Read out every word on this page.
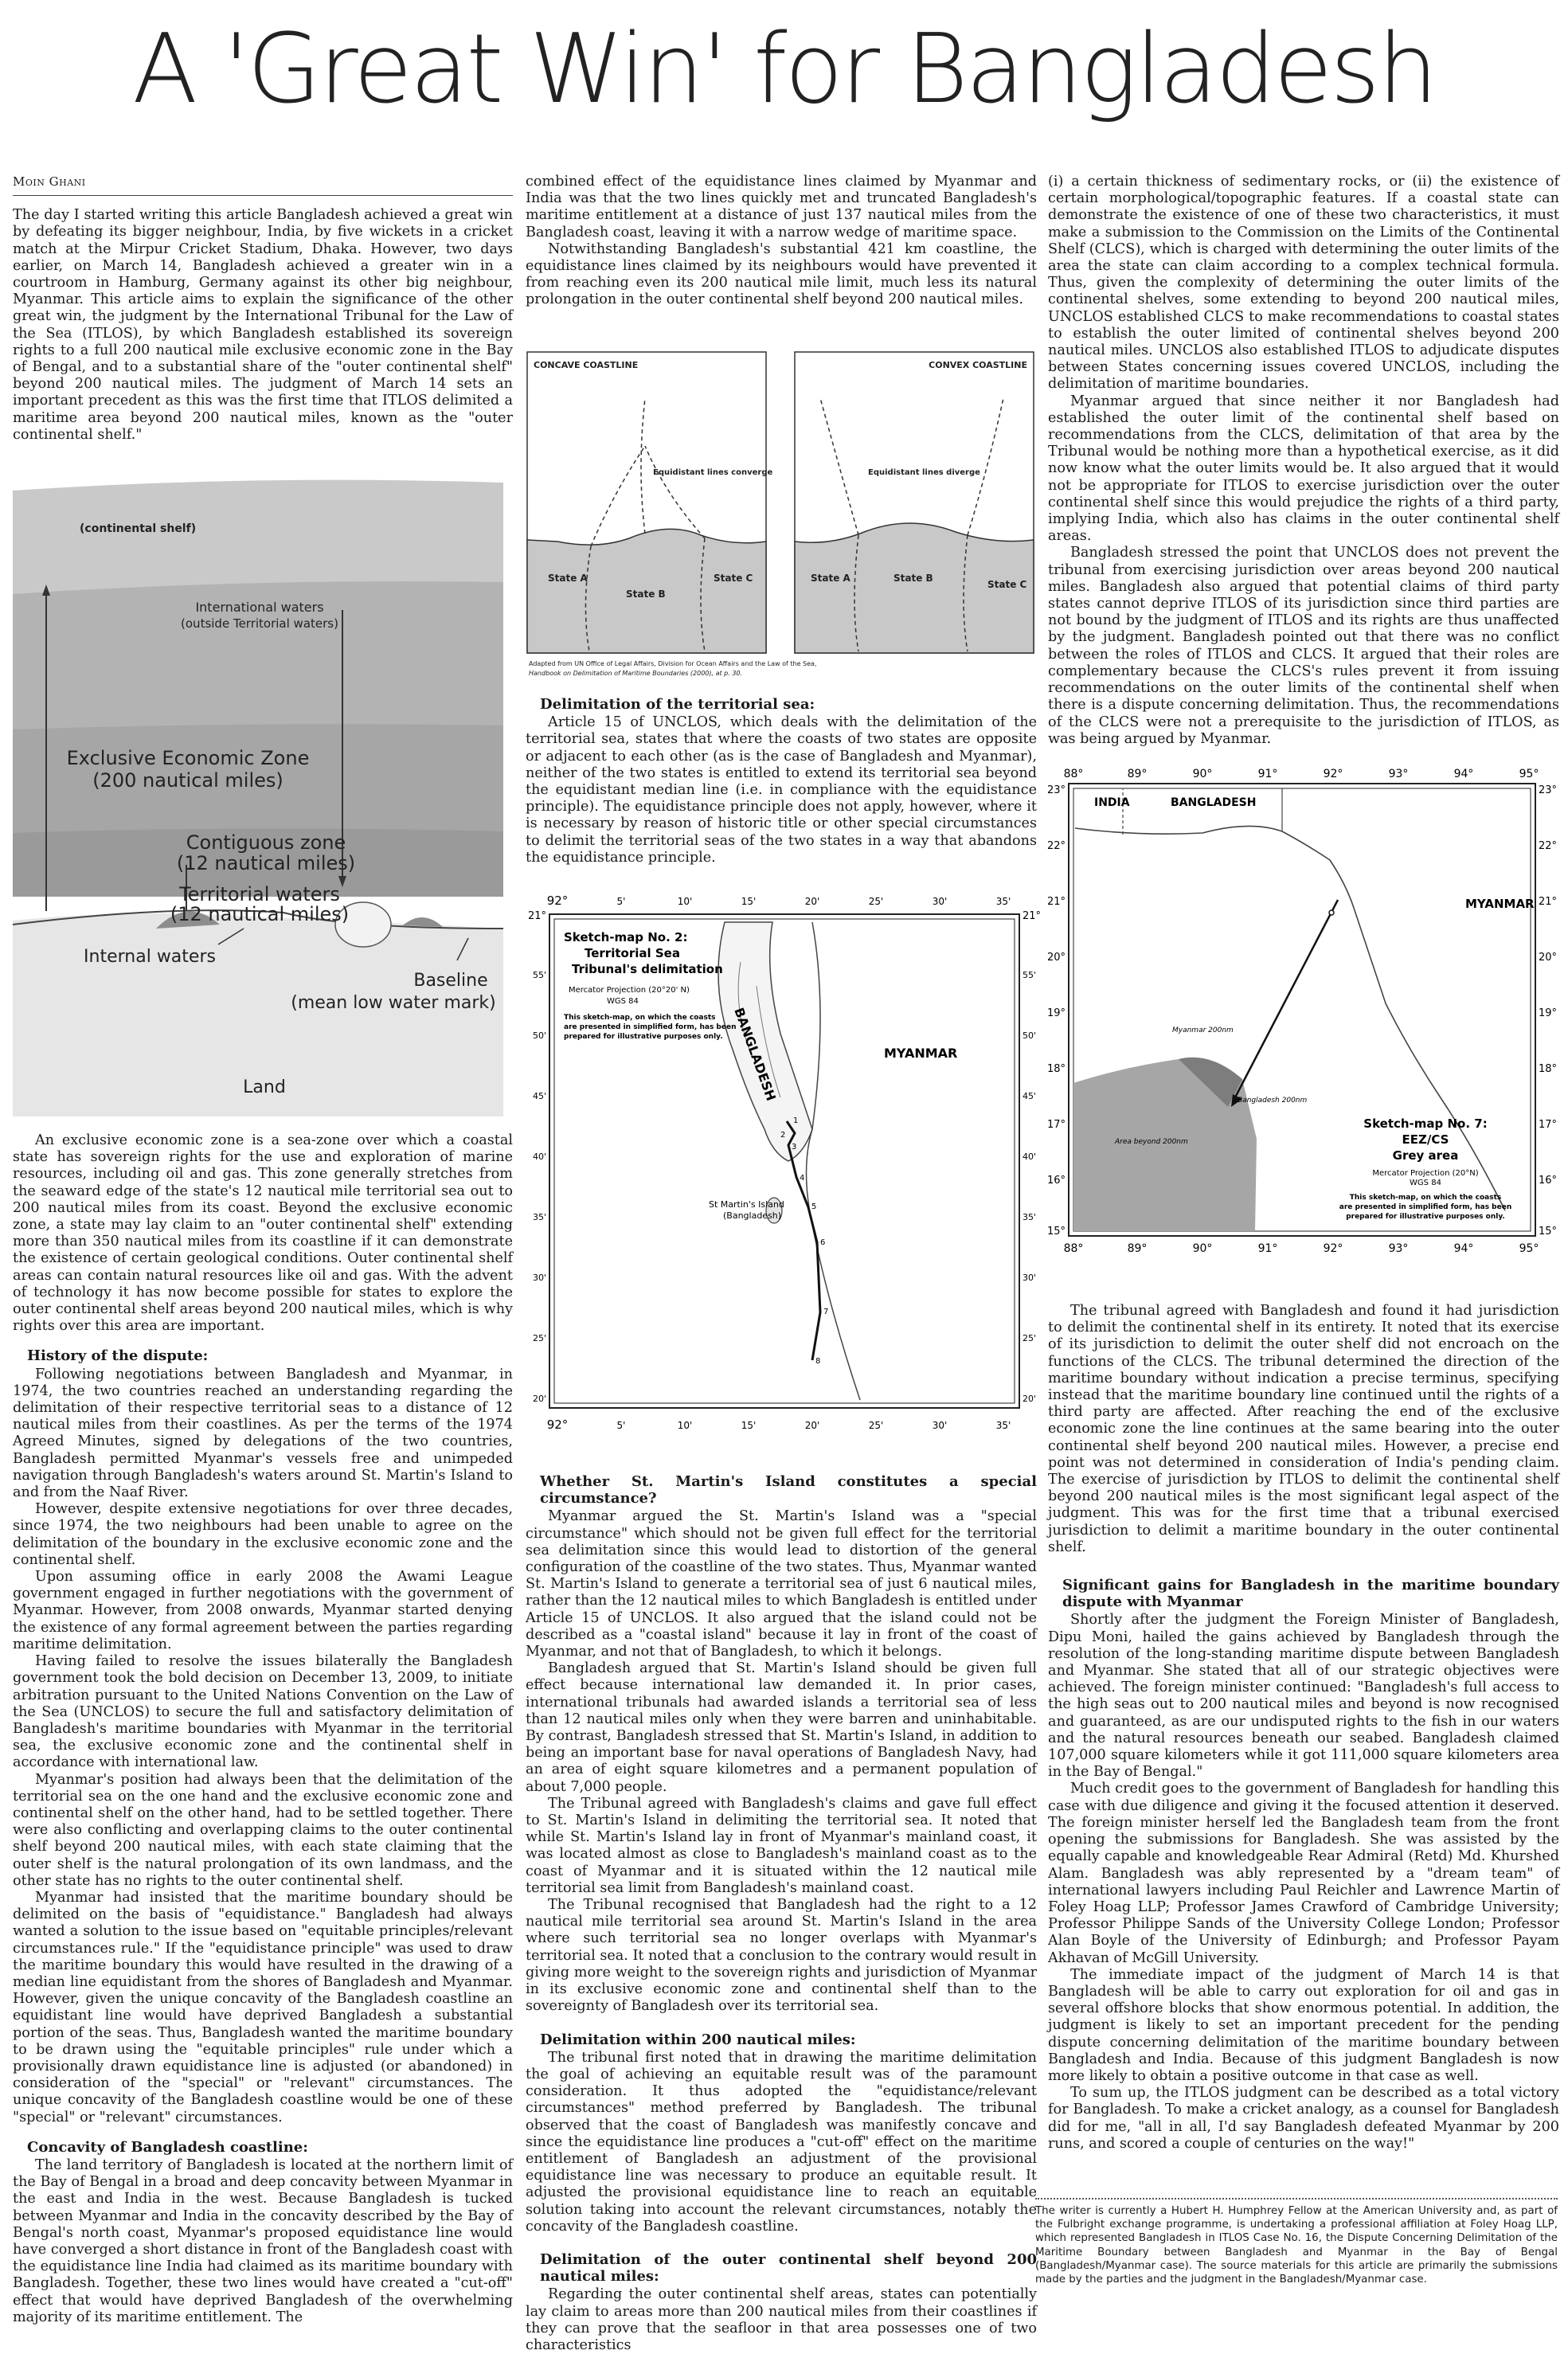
A 'Great Win' for Bangladesh
Moin Ghani

The day I started writing this article Bangladesh achieved a great win by defeating its bigger neighbour, India, by five wickets in a cricket match at the Mirpur Cricket Stadium, Dhaka. However, two days earlier, on March 14, Bangladesh achieved a greater win in a courtroom in Hamburg, Germany against its other big neighbour, Myanmar. This article aims to explain the significance of the other great win, the judgment by the International Tribunal for the Law of the Sea (ITLOS), by which Bangladesh established its sovereign rights to a full 200 nautical mile exclusive economic zone in the Bay of Bengal, and to a substantial share of the "outer continental shelf" beyond 200 nautical miles. The judgment of March 14 sets an important precedent as this was the first time that ITLOS delimited a maritime area beyond 200 nautical miles, known as the "outer continental shelf."

(continental shelf)
International waters
(outside Territorial waters)
Exclusive Economic Zone
(200 nautical miles)
Contiguous zone
(12 nautical miles)
Territorial waters
(12 nautical miles)
Internal waters
Baseline
(mean low water mark)
Land

An exclusive economic zone is a sea-zone over which a coastal state has sovereign rights for the use and exploration of marine resources, including oil and gas. This zone generally stretches from the seaward edge of the state's 12 nautical mile territorial sea out to 200 nautical miles from its coast. Beyond the exclusive economic zone, a state may lay claim to an "outer continental shelf" extending more than 350 nautical miles from its coastline if it can demonstrate the existence of certain geological conditions. Outer continental shelf areas can contain natural resources like oil and gas. With the advent of technology it has now become possible for states to explore the outer continental shelf areas beyond 200 nautical miles, which is why rights over this area are important.

History of the dispute:

Following negotiations between Bangladesh and Myanmar, in 1974, the two countries reached an understanding regarding the delimitation of their respective territorial seas to a distance of 12 nautical miles from their coastlines. As per the terms of the 1974 Agreed Minutes, signed by delegations of the two countries, Bangladesh permitted Myanmar's vessels free and unimpeded navigation through Bangladesh's waters around St. Martin's Island to and from the Naaf River.

However, despite extensive negotiations for over three decades, since 1974, the two neighbours had been unable to agree on the delimitation of the boundary in the exclusive economic zone and the continental shelf.

Upon assuming office in early 2008 the Awami League government engaged in further negotiations with the government of Myanmar. However, from 2008 onwards, Myanmar started denying the existence of any formal agreement between the parties regarding maritime delimitation.

Having failed to resolve the issues bilaterally the Bangladesh government took the bold decision on December 13, 2009, to initiate arbitration pursuant to the United Nations Convention on the Law of the Sea (UNCLOS) to secure the full and satisfactory delimitation of Bangladesh's maritime boundaries with Myanmar in the territorial sea, the exclusive economic zone and the continental shelf in accordance with international law.

Myanmar's position had always been that the delimitation of the territorial sea on the one hand and the exclusive economic zone and continental shelf on the other hand, had to be settled together. There were also conflicting and overlapping claims to the outer continental shelf beyond 200 nautical miles, with each state claiming that the outer shelf is the natural prolongation of its own landmass, and the other state has no rights to the outer continental shelf.

Myanmar had insisted that the maritime boundary should be delimited on the basis of "equidistance." Bangladesh had always wanted a solution to the issue based on "equitable principles/relevant circumstances rule." If the "equidistance principle" was used to draw the maritime boundary this would have resulted in the drawing of a median line equidistant from the shores of Bangladesh and Myanmar. However, given the unique concavity of the Bangladesh coastline an equidistant line would have deprived Bangladesh a substantial portion of the seas. Thus, Bangladesh wanted the maritime boundary to be drawn using the "equitable principles" rule under which a provisionally drawn equidistance line is adjusted (or abandoned) in consideration of the "special" or "relevant" circumstances. The unique concavity of the Bangladesh coastline would be one of these "special" or "relevant" circumstances.

Concavity of Bangladesh coastline:

The land territory of Bangladesh is located at the northern limit of the Bay of Bengal in a broad and deep concavity between Myanmar in the east and India in the west. Because Bangladesh is tucked between Myanmar and India in the concavity described by the Bay of Bengal's north coast, Myanmar's proposed equidistance line would have converged a short distance in front of the Bangladesh coast with the equidistance line India had claimed as its maritime boundary with Bangladesh. Together, these two lines would have created a "cut-off" effect that would have deprived Bangladesh of the overwhelming majority of its maritime entitlement. The

combined effect of the equidistance lines claimed by Myanmar and India was that the two lines quickly met and truncated Bangladesh's maritime entitlement at a distance of just 137 nautical miles from the Bangladesh coast, leaving it with a narrow wedge of maritime space.

Notwithstanding Bangladesh's substantial 421 km coastline, the equidistance lines claimed by its neighbours would have prevented it from reaching even its 200 nautical mile limit, much less its natural prolongation in the outer continental shelf beyond 200 nautical miles.

CONCAVE COASTLINE	CONVEX COASTLINE
Equidistant lines converge	Equidistant lines diverge
State A
State B
State C	State A	State B
State C
Adapted from UN Office of Legal Affairs, Division for Ocean Affairs and the Law of the Sea,
Handbook on Delimitation of Maritime Boundaries (2000), at p. 30.
Delimitation of the territorial sea:

Article 15 of UNCLOS, which deals with the delimitation of the territorial sea, states that where the coasts of two states are opposite or adjacent to each other (as is the case of Bangladesh and Myanmar), neither of the two states is entitled to extend its territorial sea beyond the equidistant median line (i.e. in compliance with the equidistance principle). The equidistance principle does not apply, however, where it is necessary by reason of historic title or other special circumstances to delimit the territorial seas of the two states in a way that abandons the equidistance principle.

92°	5'	10'	15'	20'	25'	30'	35'
92°	5'	10'	15'	20'	25'	30'	35'
21°
55'
50'
45'
40'
35'
30'
25'
20'
21°
55'
50'
45'
40'
35'
30'
25'
20'
1
2
3
4
5
6
7
8
Sketch-map No. 2:
Territorial Sea
Tribunal's delimitation
Mercator Projection (20°20' N)
WGS 84
This sketch-map, on which the coasts
are presented in simplified form, has been
prepared for illustrative purposes only. BANGLADESH	MYANMAR
St Martin's Island
(Bangladesh)
Whether St. Martin's Island constitutes a special circumstance?

Myanmar argued the St. Martin's Island was a "special circumstance" which should not be given full effect for the territorial sea delimitation since this would lead to distortion of the general configuration of the coastline of the two states. Thus, Myanmar wanted St. Martin's Island to generate a territorial sea of just 6 nautical miles, rather than the 12 nautical miles to which Bangladesh is entitled under Article 15 of UNCLOS. It also argued that the island could not be described as a "coastal island" because it lay in front of the coast of Myanmar, and not that of Bangladesh, to which it belongs.

Bangladesh argued that St. Martin's Island should be given full effect because international law demanded it. In prior cases, international tribunals had awarded islands a territorial sea of less than 12 nautical miles only when they were barren and uninhabitable. By contrast, Bangladesh stressed that St. Martin's Island, in addition to being an important base for naval operations of Bangladesh Navy, had an area of eight square kilometres and a permanent population of about 7,000 people.

The Tribunal agreed with Bangladesh's claims and gave full effect to St. Martin's Island in delimiting the territorial sea. It noted that while St. Martin's Island lay in front of Myanmar's mainland coast, it was located almost as close to Bangladesh's mainland coast as to the coast of Myanmar and it is situated within the 12 nautical mile territorial sea limit from Bangladesh's mainland coast.

The Tribunal recognised that Bangladesh had the right to a 12 nautical mile territorial sea around St. Martin's Island in the area where such territorial sea no longer overlaps with Myanmar's territorial sea. It noted that a conclusion to the contrary would result in giving more weight to the sovereign rights and jurisdiction of Myanmar in its exclusive economic zone and continental shelf than to the sovereignty of Bangladesh over its territorial sea.

Delimitation within 200 nautical miles:

The tribunal first noted that in drawing the maritime delimitation the goal of achieving an equitable result was of the paramount consideration. It thus adopted the "equidistance/relevant circumstances" method preferred by Bangladesh. The tribunal observed that the coast of Bangladesh was manifestly concave and since the equidistance line produces a "cut-off" effect on the maritime entitlement of Bangladesh an adjustment of the provisional equidistance line was necessary to produce an equitable result. It adjusted the provisional equidistance line to reach an equitable solution taking into account the relevant circumstances, notably the concavity of the Bangladesh coastline.

Delimitation of the outer continental shelf beyond 200 nautical miles:

Regarding the outer continental shelf areas, states can potentially lay claim to areas more than 200 nautical miles from their coastlines if they can prove that the seafloor in that area possesses one of two characteristics

(i) a certain thickness of sedimentary rocks, or (ii) the existence of certain morphological/topographic features. If a coastal state can demonstrate the existence of one of these two characteristics, it must make a submission to the Commission on the Limits of the Continental Shelf (CLCS), which is charged with determining the outer limits of the area the state can claim according to a complex technical formula. Thus, given the complexity of determining the outer limits of the continental shelves, some extending to beyond 200 nautical miles, UNCLOS established CLCS to make recommendations to coastal states to establish the outer limited of continental shelves beyond 200 nautical miles. UNCLOS also established ITLOS to adjudicate disputes between States concerning issues covered UNCLOS, including the delimitation of maritime boundaries.

Myanmar argued that since neither it nor Bangladesh had established the outer limit of the continental shelf based on recommendations from the CLCS, delimitation of that area by the Tribunal would be nothing more than a hypothetical exercise, as it did now know what the outer limits would be. It also argued that it would not be appropriate for ITLOS to exercise jurisdiction over the outer continental shelf since this would prejudice the rights of a third party, implying India, which also has claims in the outer continental shelf areas.

Bangladesh stressed the point that UNCLOS does not prevent the tribunal from exercising jurisdiction over areas beyond 200 nautical miles. Bangladesh also argued that potential claims of third party states cannot deprive ITLOS of its jurisdiction since third parties are not bound by the judgment of ITLOS and its rights are thus unaffected by the judgment. Bangladesh pointed out that there was no conflict between the roles of ITLOS and CLCS. It argued that their roles are complementary because the CLCS's rules prevent it from issuing recommendations on the outer limits of the continental shelf when there is a dispute concerning delimitation. Thus, the recommendations of the CLCS were not a prerequisite to the jurisdiction of ITLOS, as was being argued by Myanmar.

88°	89°	90°	91°	92°	93°	94°	95°
88°	89°	90°	91°	92°	93°	94°	95°
23°
22°
21°
20°
19°
18°
17°
16°
15°
23°
22°
21°
20°
19°
18°
17°
16°
15°
INDIA	BANGLADESH
MYANMAR
Myanmar 200nm
Bangladesh 200nm
Area beyond 200nm
Sketch-map No. 7:
EEZ/CS
Grey area
Mercator Projection (20°N)
WGS 84
This sketch-map, on which the coasts
are presented in simplified form, has been
prepared for illustrative purposes only.

The tribunal agreed with Bangladesh and found it had jurisdiction to delimit the continental shelf in its entirety. It noted that its exercise of its jurisdiction to delimit the outer shelf did not encroach on the functions of the CLCS. The tribunal determined the direction of the maritime boundary without indication a precise terminus, specifying instead that the maritime boundary line continued until the rights of a third party are affected. After reaching the end of the exclusive economic zone the line continues at the same bearing into the outer continental shelf beyond 200 nautical miles. However, a precise end point was not determined in consideration of India's pending claim. The exercise of jurisdiction by ITLOS to delimit the continental shelf beyond 200 nautical miles is the most significant legal aspect of the judgment. This was for the first time that a tribunal exercised jurisdiction to delimit a maritime boundary in the outer continental shelf.

Significant gains for Bangladesh in the maritime boundary dispute with Myanmar

Shortly after the judgment the Foreign Minister of Bangladesh, Dipu Moni, hailed the gains achieved by Bangladesh through the resolution of the long-standing maritime dispute between Bangladesh and Myanmar. She stated that all of our strategic objectives were achieved. The foreign minister continued: "Bangladesh's full access to the high seas out to 200 nautical miles and beyond is now recognised and guaranteed, as are our undisputed rights to the fish in our waters and the natural resources beneath our seabed. Bangladesh claimed 107,000 square kilometers while it got 111,000 square kilometers area in the Bay of Bengal."

Much credit goes to the government of Bangladesh for handling this case with due diligence and giving it the focused attention it deserved. The foreign minister herself led the Bangladesh team from the front opening the submissions for Bangladesh. She was assisted by the equally capable and knowledgeable Rear Admiral (Retd) Md. Khurshed Alam. Bangladesh was ably represented by a "dream team" of international lawyers including Paul Reichler and Lawrence Martin of Foley Hoag LLP; Professor James Crawford of Cambridge University; Professor Philippe Sands of the University College London; Professor Alan Boyle of the University of Edinburgh; and Professor Payam Akhavan of McGill University.

The immediate impact of the judgment of March 14 is that Bangladesh will be able to carry out exploration for oil and gas in several offshore blocks that show enormous potential. In addition, the judgment is likely to set an important precedent for the pending dispute concerning delimitation of the maritime boundary between Bangladesh and India. Because of this judgment Bangladesh is now more likely to obtain a positive outcome in that case as well.

To sum up, the ITLOS judgment can be described as a total victory for Bangladesh. To make a cricket analogy, as a counsel for Bangladesh did for me, "all in all, I'd say Bangladesh defeated Myanmar by 200 runs, and scored a couple of centuries on the way!"

The writer is currently a Hubert H. Humphrey Fellow at the American University and, as part of the Fulbright exchange programme, is undertaking a professional affiliation at Foley Hoag LLP, which represented Bangladesh in ITLOS Case No. 16, the Dispute Concerning Delimitation of the Maritime Boundary between Bangladesh and Myanmar in the Bay of Bengal (Bangladesh/Myanmar case). The source materials for this article are primarily the submissions made by the parties and the judgment in the Bangladesh/Myanmar case.
